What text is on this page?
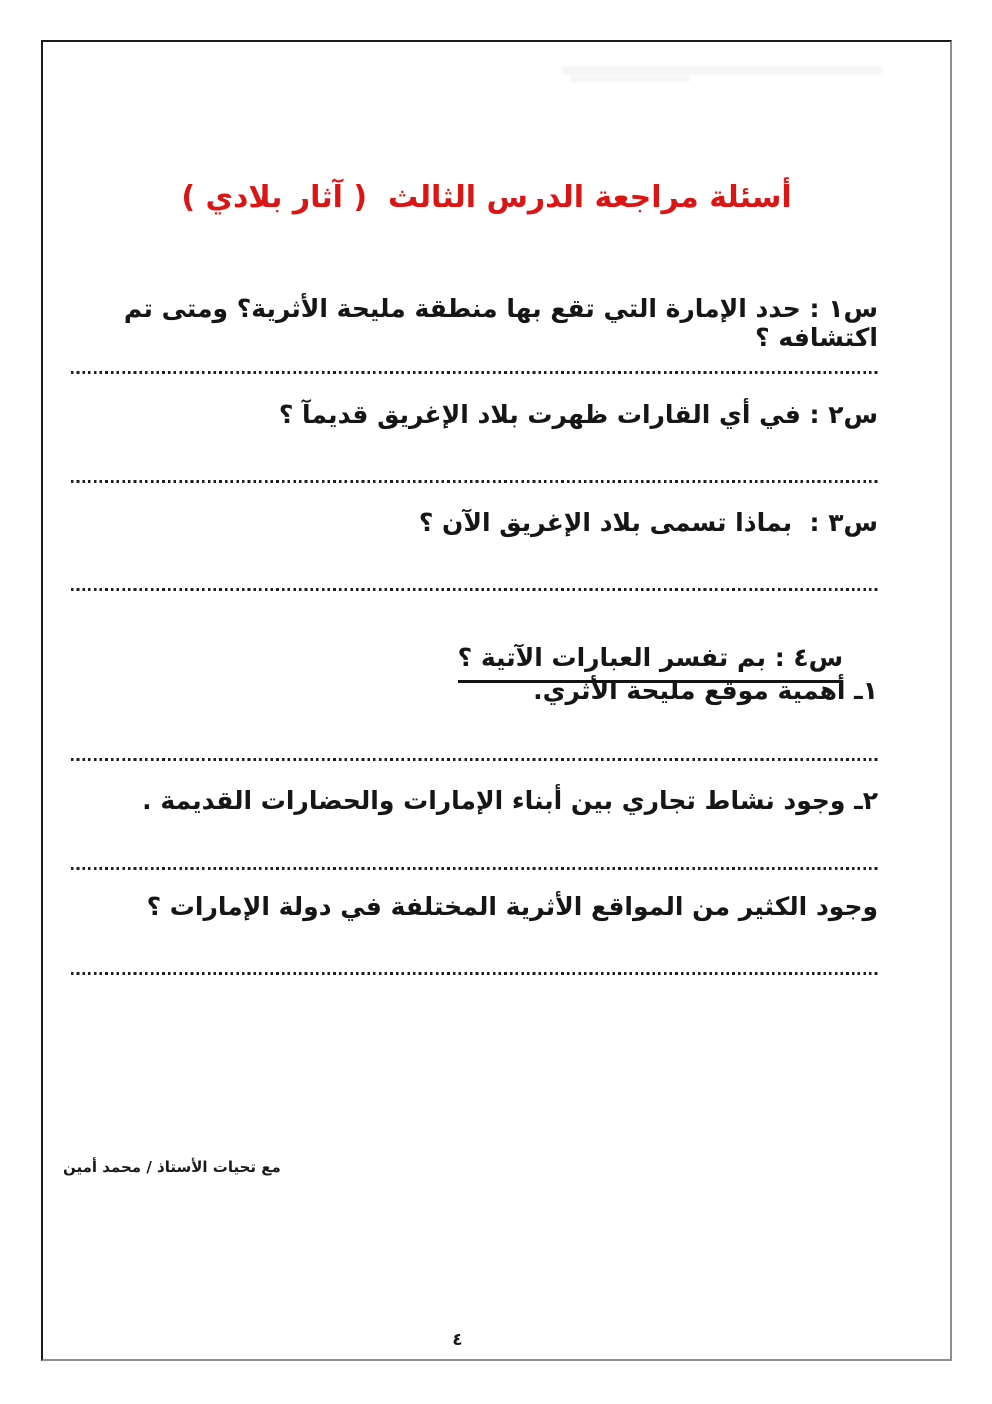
أسئلة مراجعة الدرس الثالث  ( آثار بلادي )
س١ : حدد الإمارة التي تقع بها منطقة مليحة الأثرية؟ ومتى تم اكتشافه ؟
س٢ : في أي القارات ظهرت بلاد الإغريق قديمآ ؟
س٣ :  بماذا تسمى بلاد الإغريق الآن ؟

س٤ : بم تفسر العبارات الآتية ؟

١ـ أهمية موقع مليحة الأثري.
٢ـ وجود نشاط تجاري بين أبناء الإمارات والحضارات القديمة .
وجود الكثير من المواقع الأثرية المختلفة في دولة الإمارات ؟
مع تحيات الأستاذ / محمد أمين
٤
